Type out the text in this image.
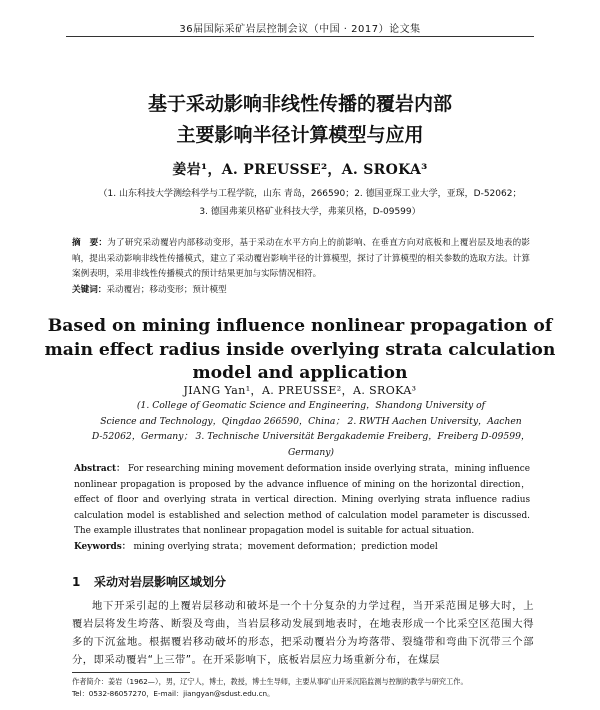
36届国际采矿岩层控制会议（中国 · 2017）论文集
基于采动影响非线性传播的覆岩内部
主要影响半径计算模型与应用
姜岩¹，A. PREUSSE²，A. SROKA³
（1. 山东科技大学测绘科学与工程学院，山东 青岛，266590；2. 德国亚琛工业大学，亚琛，D-52062；
3. 德国弗莱贝格矿业科技大学，弗莱贝格，D-09599）
摘　要：为了研究采动覆岩内部移动变形，基于采动在水平方向上的前影响、在垂直方向对底板和上覆岩层及地表的影响，提出采动影响非线性传播模式，建立了采动覆岩影响半径的计算模型，探讨了计算模型的相关参数的选取方法。计算案例表明，采用非线性传播模式的预计结果更加与实际情况相符。
关键词：采动覆岩；移动变形；预计模型
Based on mining influence nonlinear propagation of
main effect radius inside overlying strata calculation
model and application
JIANG Yan¹，A. PREUSSE²，A. SROKA³
(1. College of Geomatic Science and Engineering，Shandong University of
Science and Technology，Qingdao 266590，China； 2. RWTH Aachen University，Aachen
D-52062，Germany； 3. Technische Universität Bergakademie Freiberg，Freiberg D-09599，Germany)
Abstract： For researching mining movement deformation inside overlying strata，mining influence nonlinear propagation is proposed by the advance influence of mining on the horizontal direction，effect of floor and overlying strata in vertical direction. Mining overlying strata influence radius calculation model is established and selection method of calculation model parameter is discussed. The example illustrates that nonlinear propagation model is suitable for actual situation.
Keywords： mining overlying strata；movement deformation；prediction model
1 采动对岩层影响区域划分
地下开采引起的上覆岩层移动和破坏是一个十分复杂的力学过程，当开采范围足够大时，上覆岩层将发生垮落、断裂及弯曲，当岩层移动发展到地表时，在地表形成一个比采空区范围大得多的下沉盆地。根据覆岩移动破坏的形态，把采动覆岩分为垮落带、裂缝带和弯曲下沉带三个部分，即采动覆岩“上三带”。在开采影响下，底板岩层应力场重新分布，在煤层
作者简介：姜岩（1962—），男，辽宁人，博士，教授，博士生导师，主要从事矿山开采沉陷监测与控制的教学与研究工作。
Tel：0532-86057270，E-mail：jiangyan@sdust.edu.cn。
